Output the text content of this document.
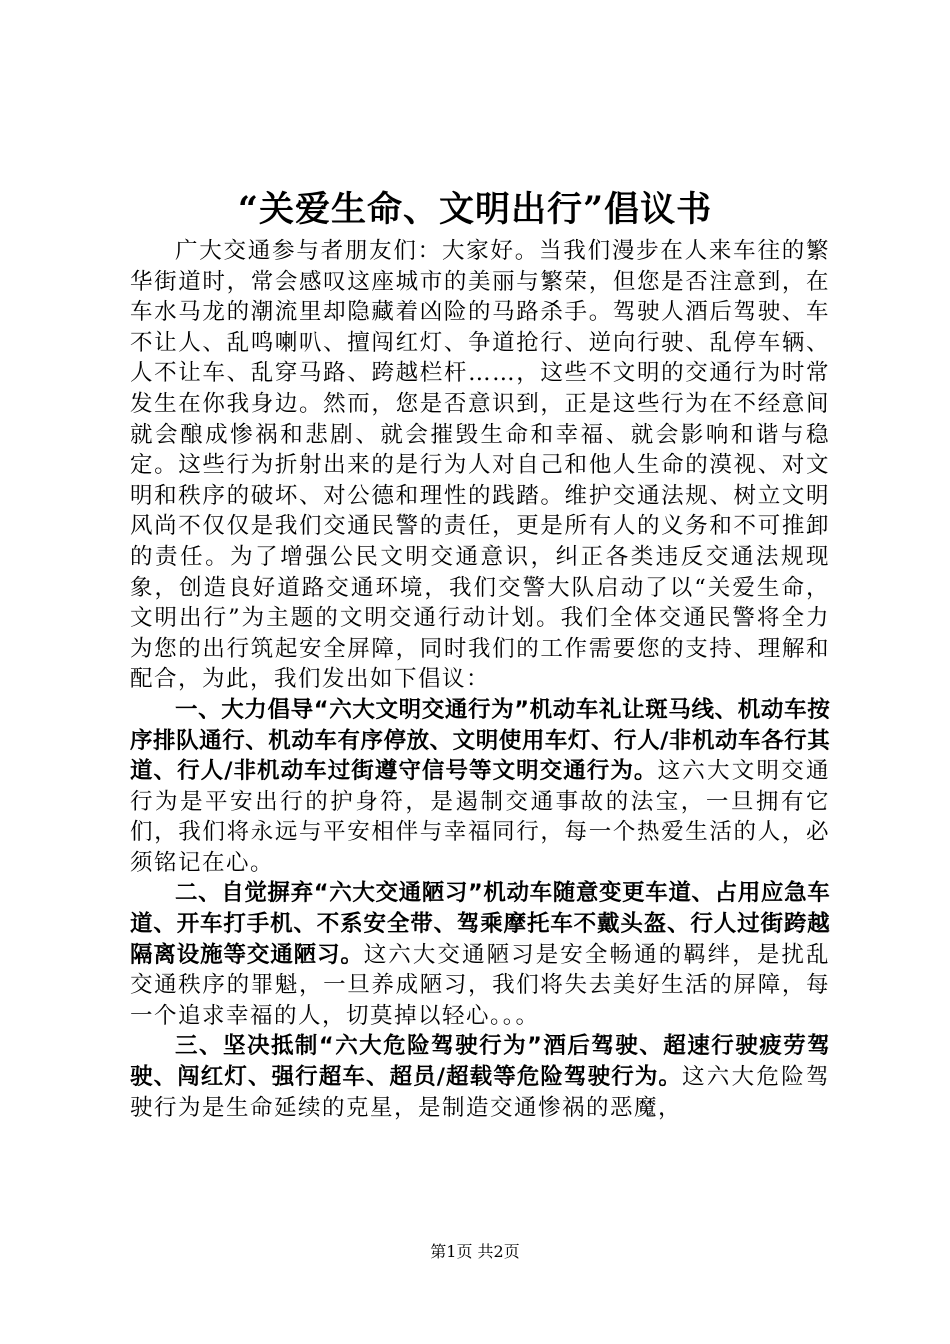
“关爱生命、文明出行”倡议书

广大交通参与者朋友们：大家好。当我们漫步在人来车往的繁华街道时，常会感叹这座城市的美丽与繁荣，但您是否注意到，在车水马龙的潮流里却隐藏着凶险的马路杀手。驾驶人酒后驾驶、车不让人、乱鸣喇叭、擅闯红灯、争道抢行、逆向行驶、乱停车辆、人不让车、乱穿马路、跨越栏杆……，这些不文明的交通行为时常发生在你我身边。然而，您是否意识到，正是这些行为在不经意间就会酿成惨祸和悲剧、就会摧毁生命和幸福、就会影响和谐与稳定。这些行为折射出来的是行为人对自己和他人生命的漠视、对文明和秩序的破坏、对公德和理性的践踏。维护交通法规、树立文明风尚不仅仅是我们交通民警的责任，更是所有人的义务和不可推卸的责任。为了增强公民文明交通意识，纠正各类违反交通法规现象，创造良好道路交通环境，我们交警大队启动了以“关爱生命，文明出行”为主题的文明交通行动计划。我们全体交通民警将全力为您的出行筑起安全屏障，同时我们的工作需要您的支持、理解和配合，为此，我们发出如下倡议：

一、大力倡导“六大文明交通行为”机动车礼让斑马线、机动车按序排队通行、机动车有序停放、文明使用车灯、行人/非机动车各行其道、行人/非机动车过街遵守信号等文明交通行为。这六大文明交通行为是平安出行的护身符，是遏制交通事故的法宝，一旦拥有它们，我们将永远与平安相伴与幸福同行，每一个热爱生活的人，必须铭记在心。

二、自觉摒弃“六大交通陋习”机动车随意变更车道、占用应急车道、开车打手机、不系安全带、驾乘摩托车不戴头盔、行人过街跨越隔离设施等交通陋习。这六大交通陋习是安全畅通的羁绊，是扰乱交通秩序的罪魁，一旦养成陋习，我们将失去美好生活的屏障，每一个追求幸福的人，切莫掉以轻心。。。

三、坚决抵制“六大危险驾驶行为”酒后驾驶、超速行驶疲劳驾驶、闯红灯、强行超车、超员/超载等危险驾驶行为。这六大危险驾驶行为是生命延续的克星，是制造交通惨祸的恶魔，

第1页 共2页
